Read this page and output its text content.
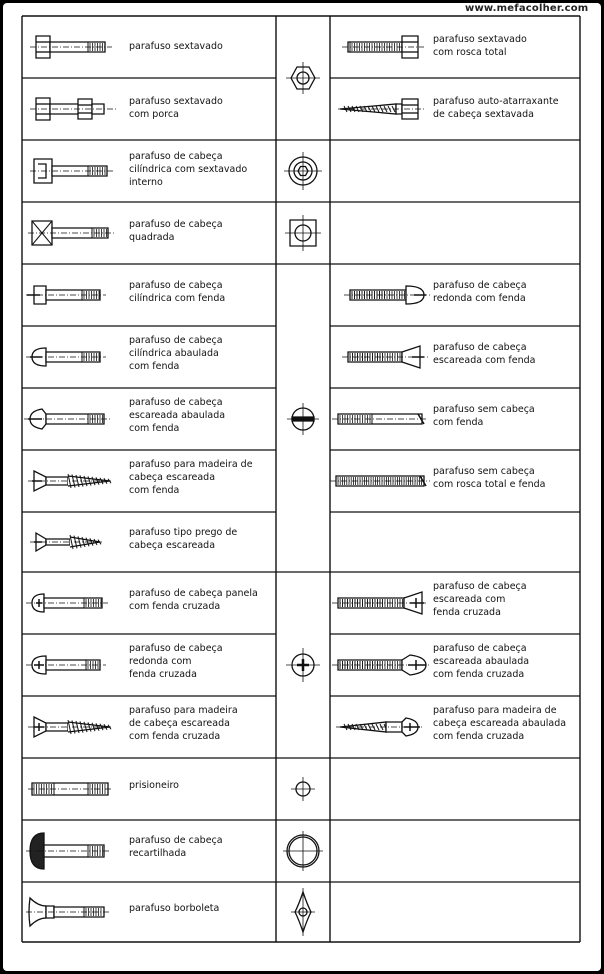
www.mefacolher.com
parafuso sextavado
parafuso sextavado
com porca
parafuso de cabeça
cilíndrica com sextavado
interno
parafuso de cabeça
quadrada
parafuso de cabeça
cilíndrica com fenda
parafuso de cabeça
cilíndrica abaulada
com fenda
parafuso de cabeça
escareada abaulada
com fenda
parafuso para madeira de
cabeça escareada
com fenda
parafuso tipo prego de
cabeça escareada
parafuso de cabeça panela
com fenda cruzada
parafuso de cabeça
redonda com
fenda cruzada
parafuso para madeira
de cabeça escareada
com fenda cruzada
prisioneiro
parafuso de cabeça
recartilhada
parafuso borboleta
parafuso sextavado
com rosca total
parafuso auto-atarraxante
de cabeça sextavada
parafuso de cabeça
redonda com fenda
parafuso de cabeça
escareada com fenda
parafuso sem cabeça
com fenda
parafuso sem cabeça
com rosca total e fenda
parafuso de cabeça
escareada com
fenda cruzada
parafuso de cabeça
escareada abaulada
com fenda cruzada
parafuso para madeira de
cabeça escareada abaulada
com fenda cruzada
